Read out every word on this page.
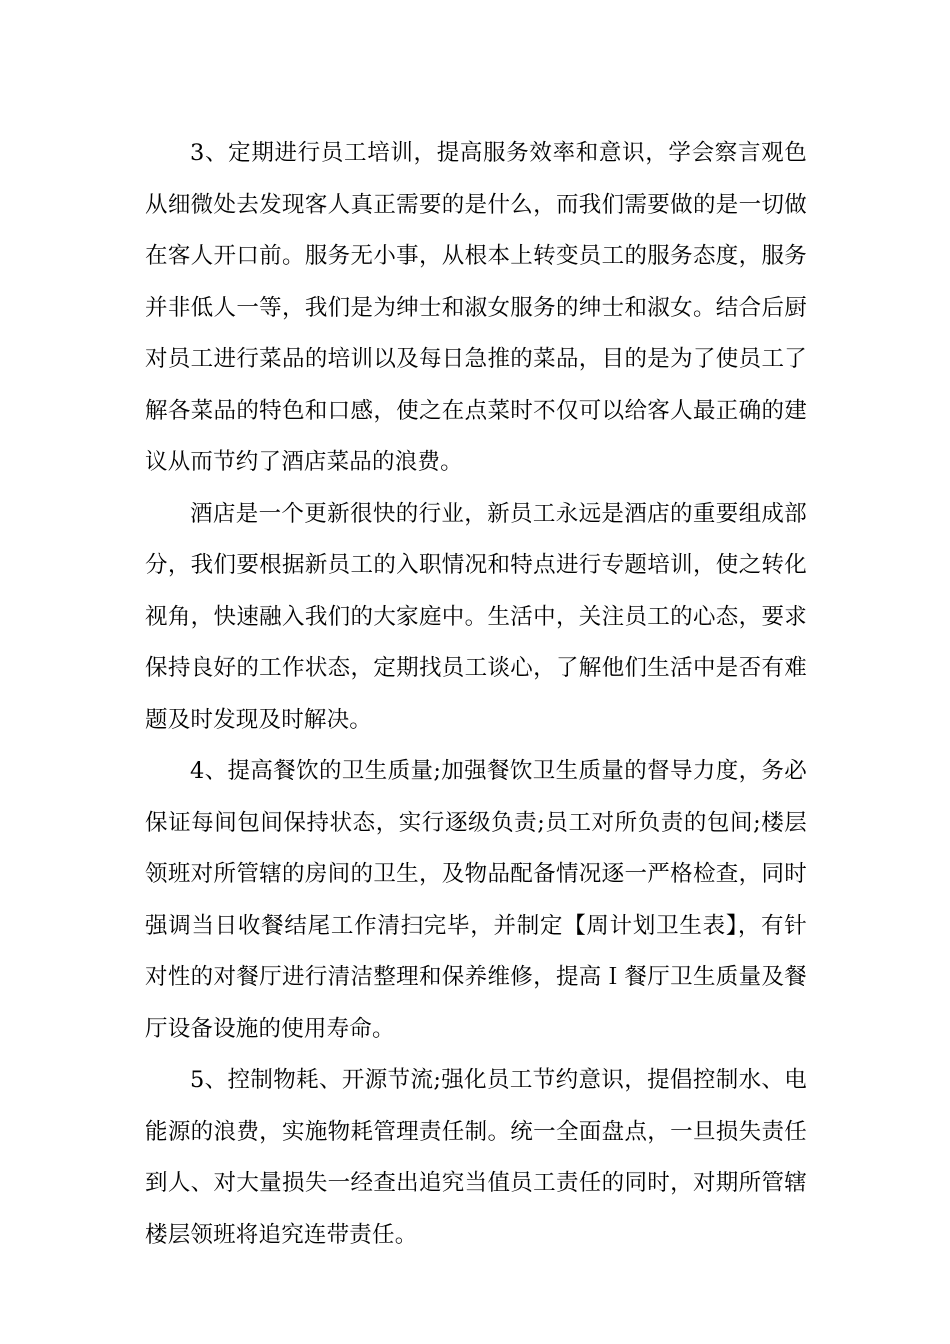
3、定期进行员工培训，提高服务效率和意识，学会察言观色从细微处去发现客人真正需要的是什么，而我们需要做的是一切做在客人开口前。服务无小事，从根本上转变员工的服务态度，服务并非低人一等，我们是为绅士和淑女服务的绅士和淑女。结合后厨对员工进行菜品的培训以及每日急推的菜品，目的是为了使员工了解各菜品的特色和口感，使之在点菜时不仅可以给客人最正确的建议从而节约了酒店菜品的浪费。

酒店是一个更新很快的行业，新员工永远是酒店的重要组成部分，我们要根据新员工的入职情况和特点进行专题培训，使之转化视角，快速融入我们的大家庭中。生活中，关注员工的心态，要求保持良好的工作状态，定期找员工谈心，了解他们生活中是否有难题及时发现及时解决。

4、提高餐饮的卫生质量;加强餐饮卫生质量的督导力度，务必保证每间包间保持状态，实行逐级负责;员工对所负责的包间;楼层领班对所管辖的房间的卫生，及物品配备情况逐一严格检查，同时强调当日收餐结尾工作清扫完毕，并制定【周计划卫生表】，有针对性的对餐厅进行清洁整理和保养维修，提高Ｉ餐厅卫生质量及餐厅设备设施的使用寿命。

5、控制物耗、开源节流;强化员工节约意识，提倡控制水、电能源的浪费，实施物耗管理责任制。统一全面盘点，一旦损失责任到人、对大量损失一经查出追究当值员工责任的同时，对期所管辖楼层领班将追究连带责任。
